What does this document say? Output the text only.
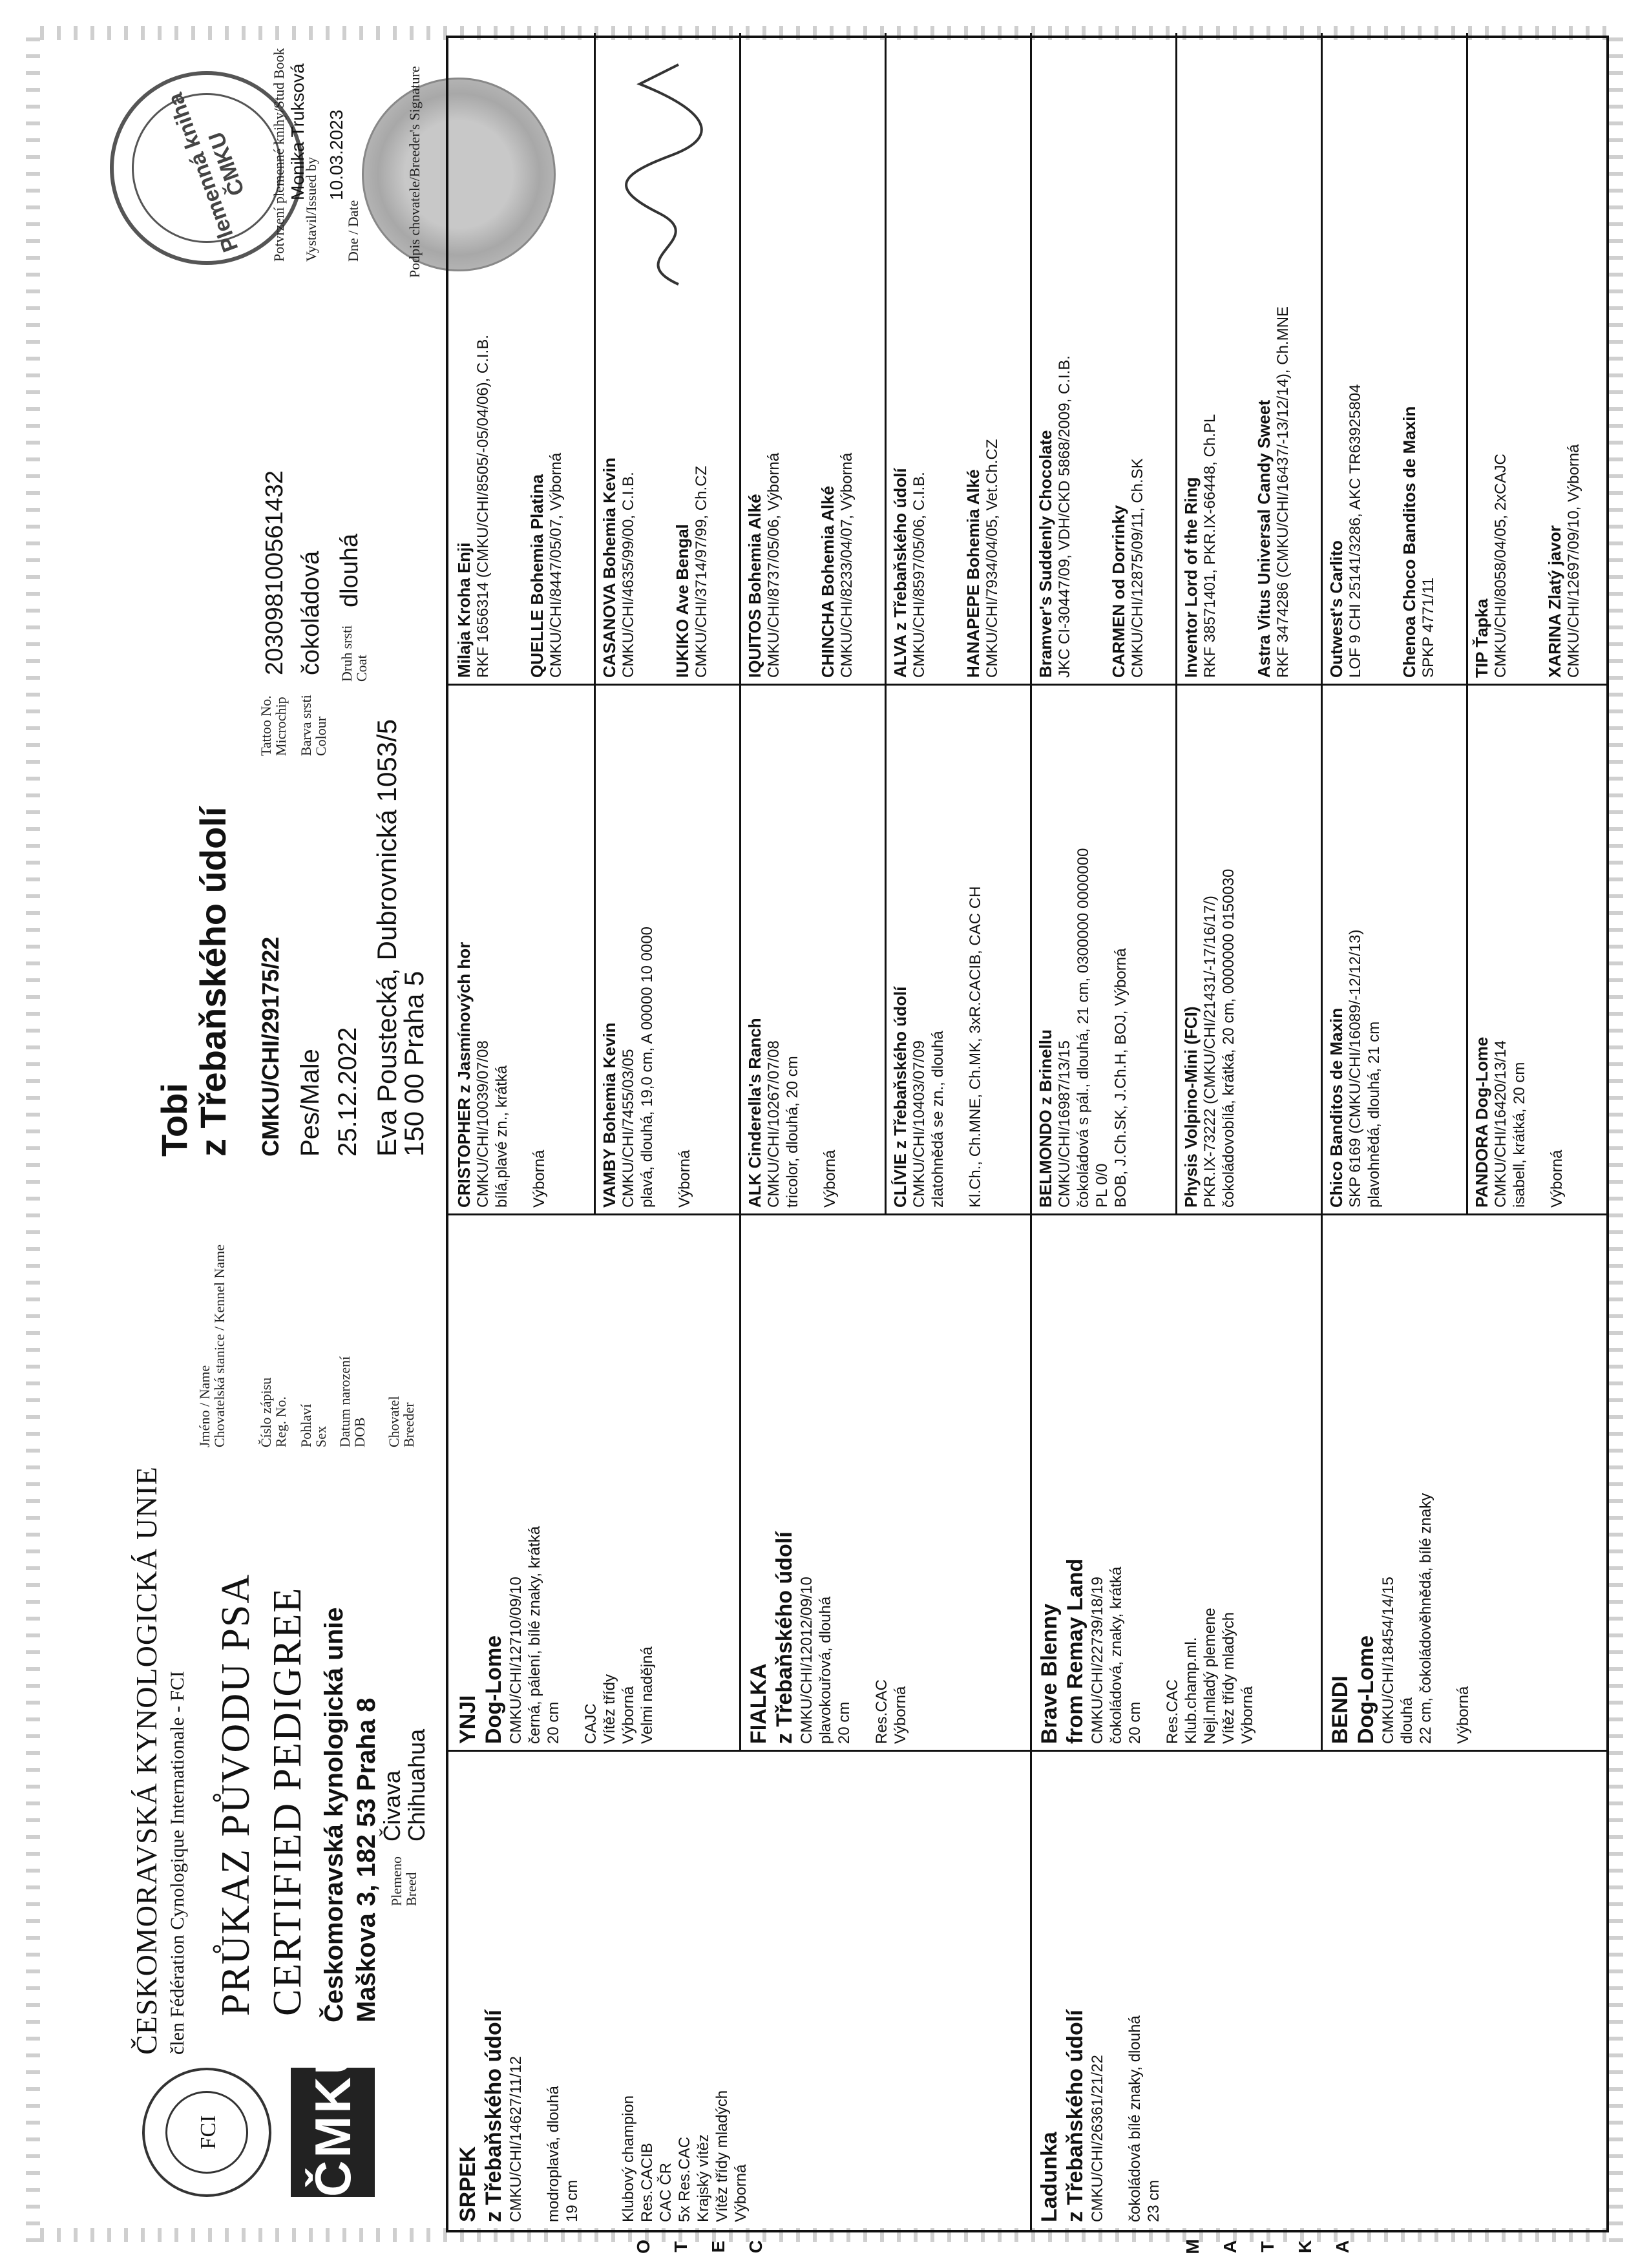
FCI	ČMKU
ČESKOMORAVSKÁ KYNOLOGICKÁ UNIE člen Fédération Cynologique Internationale - FCI PRŮKAZ PŮVODU PSA CERTIFIED PEDIGREE Českomoravská kynologická unie Maškova 3, 182 53 Praha 8 Plemeno
Breed
Čivava
Chihuahua
Jméno / Name
Chovatelská stanice / Kennel Name
Tobi
z Třebaňského údolí
Číslo zápisu
Reg. No.
CMKU/CHI/29175/22
Pohlaví
Sex
Pes/Male
Datum narození
DOB
25.12.2022
Chovatel
Breeder
Eva Poustecká, Dubrovnická 1053/5
150 00 Praha 5
Tattoo No.
Microchip
203098100561432
Barva srsti
Colour
čokoládová Druh srsti
Coat
dlouhá
Plemenná kniha ČMKU	Potvrzení plemenné knihy/Stud Book Vystavil/Issued by
Monika Truksová
Dne / Date
10.03.2023	Podpis chovatele/Breeder's Signature
SRPEK z Třebaňského údolí CMKU/CHI/14627/11/12 modroplavá, dlouhá 19 cm	Klubový champion Res.CACIB CAC ČR 5x Res.CAC Krajský vítěz Vítěz třídy mladých Výborná	Ladunka z Třebaňského údolí CMKU/CHI/26361/21/22 čokoládová bílé znaky, dlouhá 23 cm
YNJI Dog-Lome CMKU/CHI/12710/09/10 černá, pálení, bílé znaky, krátká 20 cm CAJC Vítěz třídy Výborná Velmi nadějná	FIALKA z Třebaňského údolí CMKU/CHI/12012/09/10 plavokouřová, dlouhá 20 cm Res.CAC Výborná	Brave Blenny from Remay Land CMKU/CHI/22739/18/19 čokoládová, znaky, krátká 20 cm Res.CAC Klub.champ.ml. Nejl.mladý plemene Vítěz třídy mladých Výborná	BENDI Dog-Lome CMKU/CHI/18454/14/15 dlouhá 22 cm, čokoládověhnědá, bílé znaky Výborná
CRISTOPHER z Jasmínových hor CMKU/CHI/10039/07/08 bílá,plavé zn., krátká Výborná	VAMBY Bohemia Kevin CMKU/CHI/7455/03/05 plavá, dlouhá, 19,0 cm, A 00000 10 0000 Výborná	ALK Cinderella's Ranch CMKU/CHI/10267/07/08 tricolor, dlouhá, 20 cm Výborná	CLÍVIE z Třebaňského údolí CMKU/CHI/10403/07/09 zlatohnědá se zn., dlouhá Kl.Ch., Ch.MNE, Ch.MK, 3xR.CACIB, CAC CH	BELMONDO z Brinellu CMKU/CHI/16987/13/15 čokoládová s pál., dlouhá, 21 cm, 0300000 0000000 PL 0/0 BOB, J.Ch.SK, J.Ch.H, BOJ, Výborná	Physis Volpino-Mini (FCI) PKR.IX-73222 (CMKU/CHI/21431/-17/16/17/) čokoládovobílá, krátká, 20 cm, 0000000 0150030	Chico Banditos de Maxin SKP 6169 (CMKU/CHI/16089/-12/12/13) plavohnědá, dlouhá, 21 cm	PANDORA Dog-Lome CMKU/CHI/16420/13/14 isabell, krátká, 20 cm Výborná
Milaja Kroha Enji RKF 1656314 (CMKU/CHI/8505/-05/04/06), C.I.B. QUELLE Bohemia Platina CMKU/CHI/8447/05/07, Výborná CASANOVA Bohemia Kevin CMKU/CHI/4635/99/00, C.I.B. IUKIKO Ave Bengal CMKU/CHI/3714/97/99, Ch.CZ IQUITOS Bohemia Alké CMKU/CHI/8737/05/06, Výborná CHINCHA Bohemia Alké CMKU/CHI/8233/04/07, Výborná ALVA z Třebaňského údolí CMKU/CHI/8597/05/06, C.I.B. HANAPEPE Bohemia Alké CMKU/CHI/7934/04/05, Vet.Ch.CZ Bramver's Suddenly Chocolate JKC CI-30447/09, VDH/CKD 5868/2009, C.I.B. CARMEN od Dorrinky CMKU/CHI/12875/09/11, Ch.SK Inventor Lord of the Ring RKF 38571401, PKR.IX-66448, Ch.PL Astra Vitus Universal Candy Sweet RKF 3474286 (CMKU/CHI/16437/-13/12/14), Ch.MNE Outwest's Carlito LOF 9 CHI 25141/3286, AKC TR63925804 Chenoa Choco Banditos de Maxin SPKP 4771/11 TIP Ťapka CMKU/CHI/8058/04/05, 2xCAJC XARINA Zlatý javor CMKU/CHI/12697/09/10, Výborná
O T E C	M A T K A
